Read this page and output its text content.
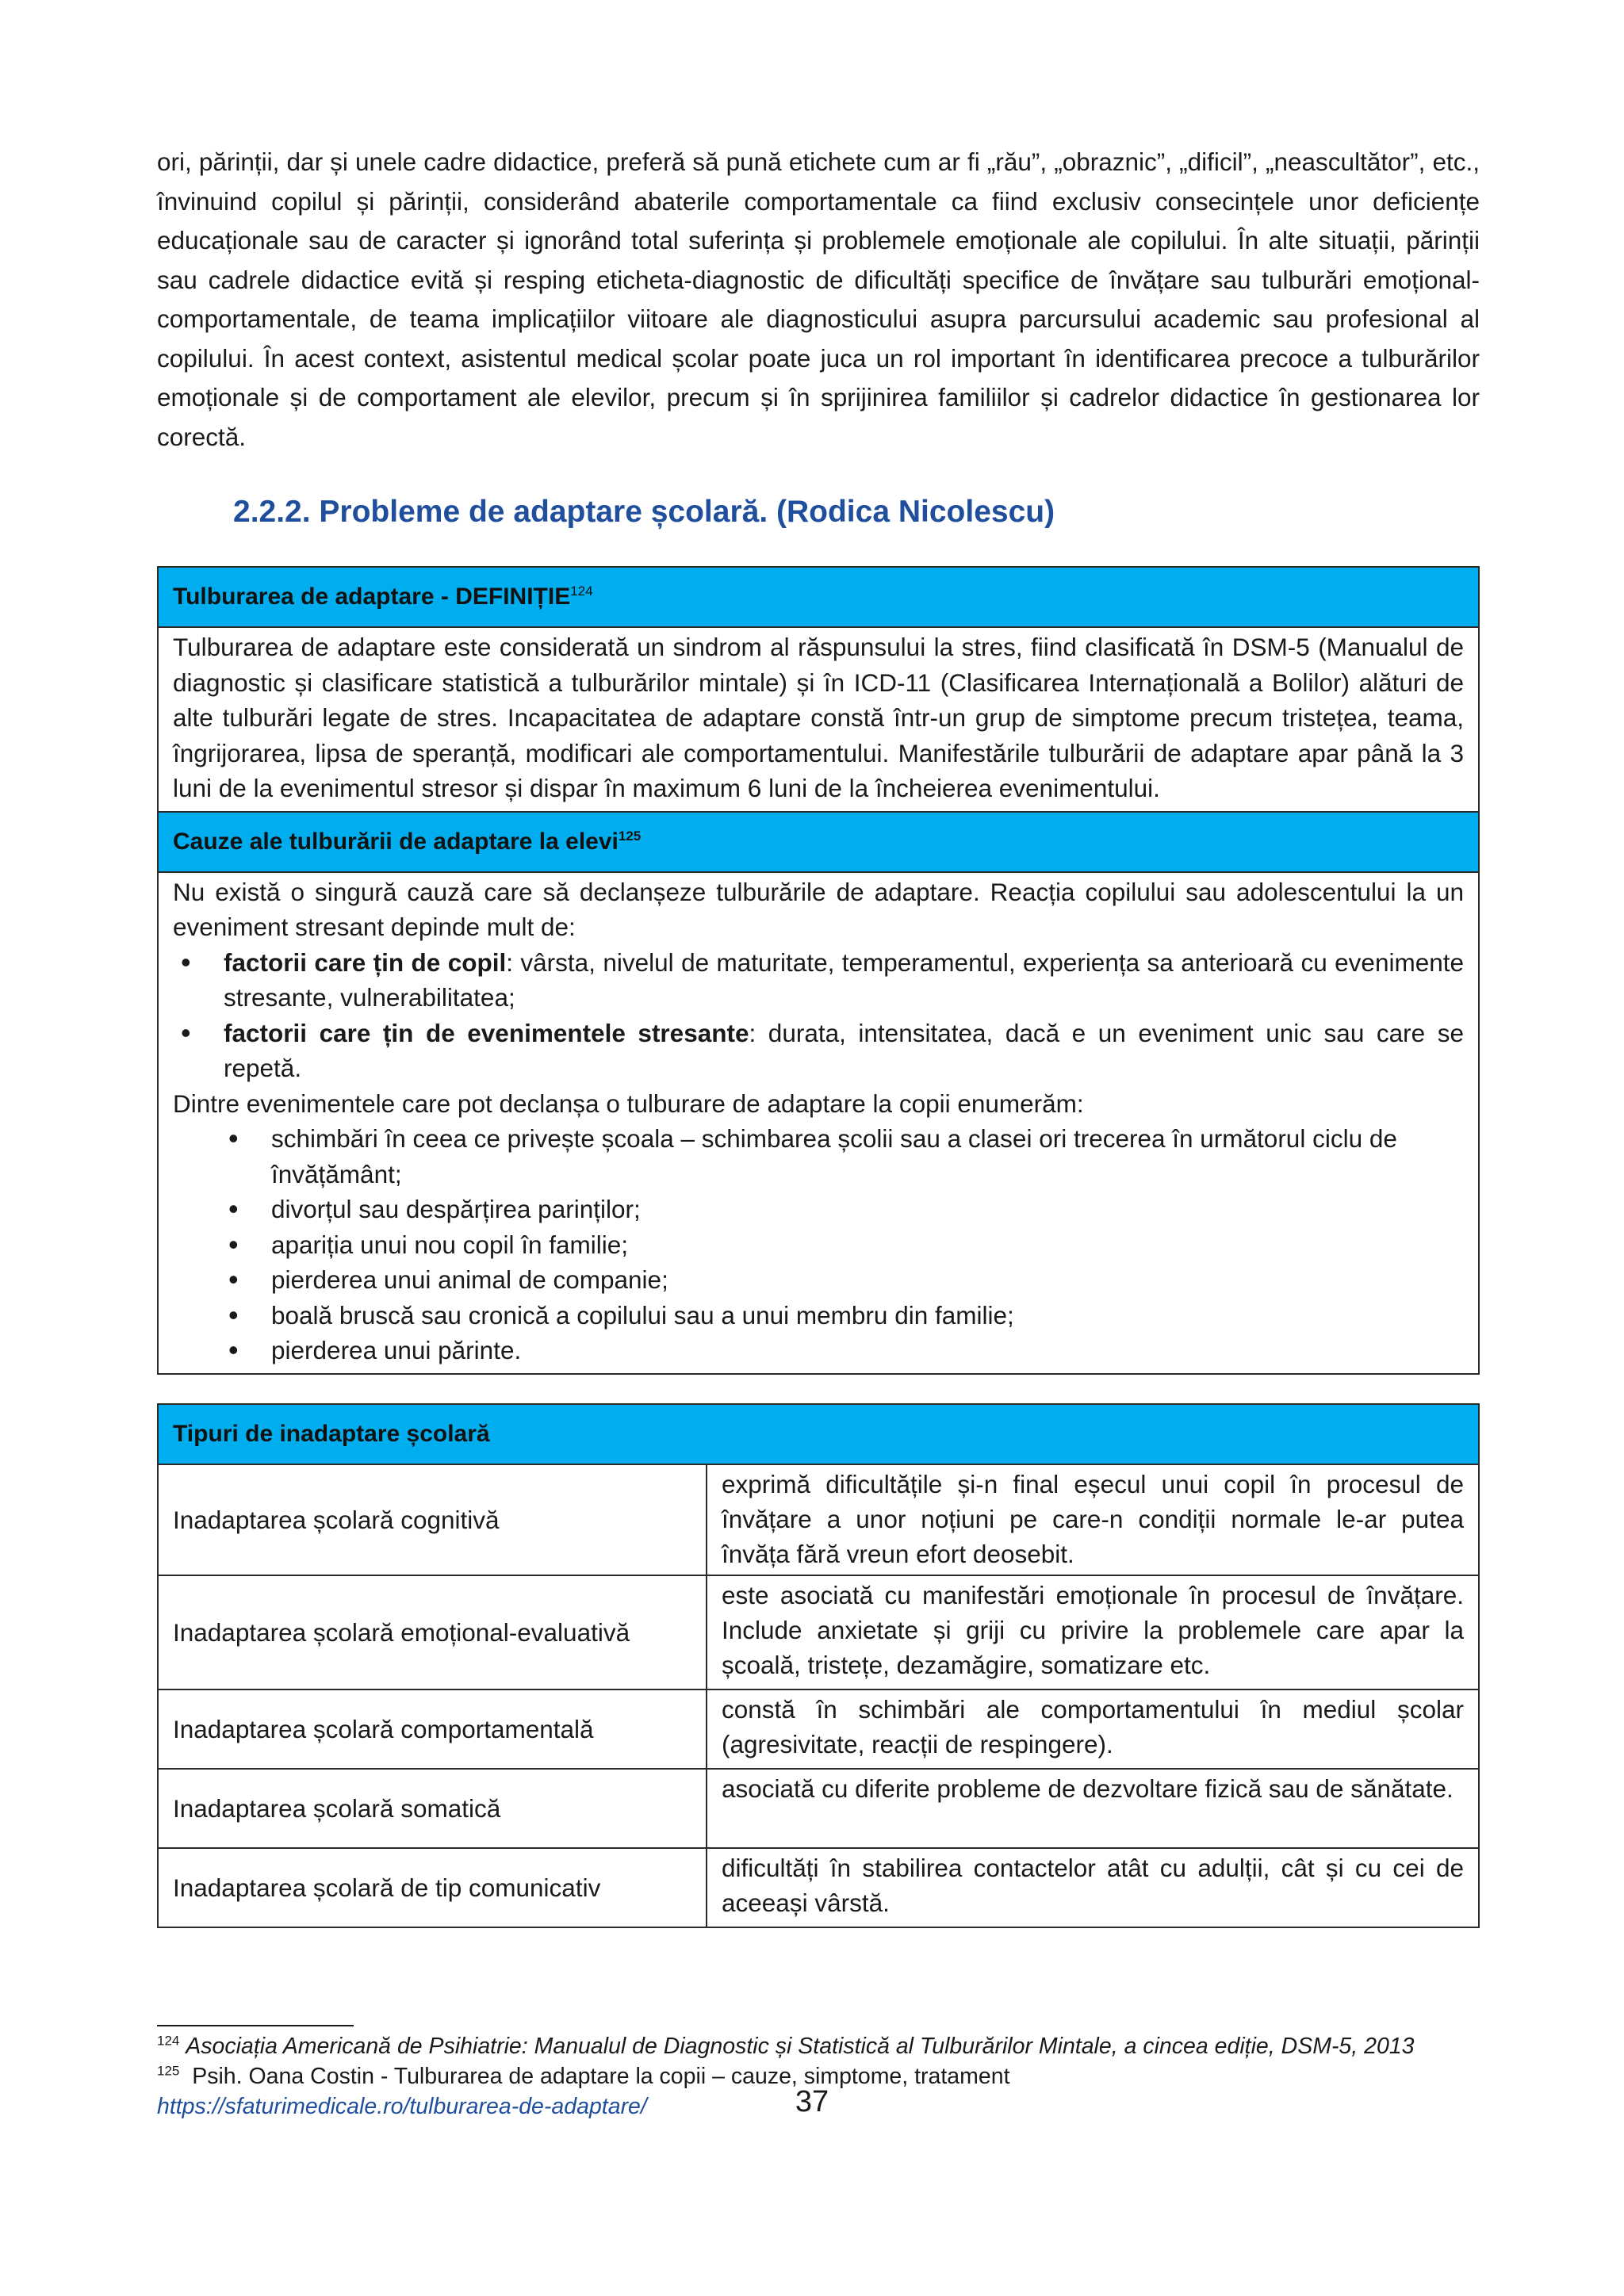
ori, părinții, dar și unele cadre didactice, preferă să pună etichete cum ar fi „rău”, „obraznic”, „dificil”, „neascultător”, etc., învinuind copilul și părinții, considerând abaterile comportamentale ca fiind exclusiv consecințele unor deficiențe educaționale sau de caracter și ignorând total suferința și problemele emoționale ale copilului. În alte situații, părinții sau cadrele didactice evită și resping eticheta-diagnostic de dificultăți specifice de învățare sau tulburări emoțional-comportamentale, de teama implicațiilor viitoare ale diagnosticului asupra parcursului academic sau profesional al copilului. În acest context, asistentul medical școlar poate juca un rol important în identificarea precoce a tulburărilor emoționale și de comportament ale elevilor, precum și în sprijinirea familiilor și cadrelor didactice în gestionarea lor corectă.

2.2.2. Probleme de adaptare școlară. (Rodica Nicolescu)
Tulburarea de adaptare - DEFINIȚIE$^{124}$
Tulburarea de adaptare este considerată un sindrom al răspunsului la stres, fiind clasificată în DSM-5 (Manualul de diagnostic și clasificare statistică a tulburărilor mintale) și în ICD-11 (Clasificarea Internațională a Bolilor) alături de alte tulburări legate de stres. Incapacitatea de adaptare constă într-un grup de simptome precum tristețea, teama, îngrijorarea, lipsa de speranță, modificari ale comportamentului. Manifestările tulburării de adaptare apar până la 3 luni de la evenimentul stresor și dispar în maximum 6 luni de la încheierea evenimentului.
Cauze ale tulburării de adaptare la elevi$^{125}$

Nu există o singură cauză care să declanșeze tulburările de adaptare. Reacția copilului sau adolescentului la un eveniment stresant depinde mult de:
• factorii care țin de copil: vârsta, nivelul de maturitate, temperamentul, experiența sa anterioară cu evenimente stresante, vulnerabilitatea;
• factorii care țin de evenimentele stresante: durata, intensitatea, dacă e un eveniment unic sau care se repetă.
Dintre evenimentele care pot declanșa o tulburare de adaptare la copii enumerăm:
• schimbări în ceea ce privește școala – schimbarea școlii sau a clasei ori trecerea în următorul ciclu de învățământ;
• divorțul sau despărțirea parinților;
• apariția unui nou copil în familie;
• pierderea unui animal de companie;
• boală bruscă sau cronică a copilului sau a unui membru din familie;
• pierderea unui părinte.
Tipuri de inadaptare școlară	
Inadaptarea școlară cognitivă	exprimă dificultățile și-n final eșecul unui copil în procesul de învățare a unor noțiuni pe care-n condiții normale le-ar putea învăța fără vreun efort deosebit.
Inadaptarea școlară emoțional-evaluativă	este asociată cu manifestări emoționale în procesul de învățare. Include anxietate și griji cu privire la problemele care apar la școală, tristețe, dezamăgire, somatizare etc.
Inadaptarea școlară comportamentală	constă în schimbări ale comportamentului în mediul școlar (agresivitate, reacții de respingere).
Inadaptarea școlară somatică	asociată cu diferite probleme de dezvoltare fizică sau de sănătate.
Inadaptarea școlară de tip comunicativ	dificultăți în stabilirea contactelor atât cu adulții, cât și cu cei de aceeași vârstă.
$^{124}$ Asociația Americană de Psihiatrie: Manualul de Diagnostic și Statistică al Tulburărilor Mintale, a cincea ediție, DSM-5, 2013
$^{125}$ Psih. Oana Costin - Tulburarea de adaptare la copii – cauze, simptome, tratament
https://sfaturimedicale.ro/tulburarea-de-adaptare/	37
